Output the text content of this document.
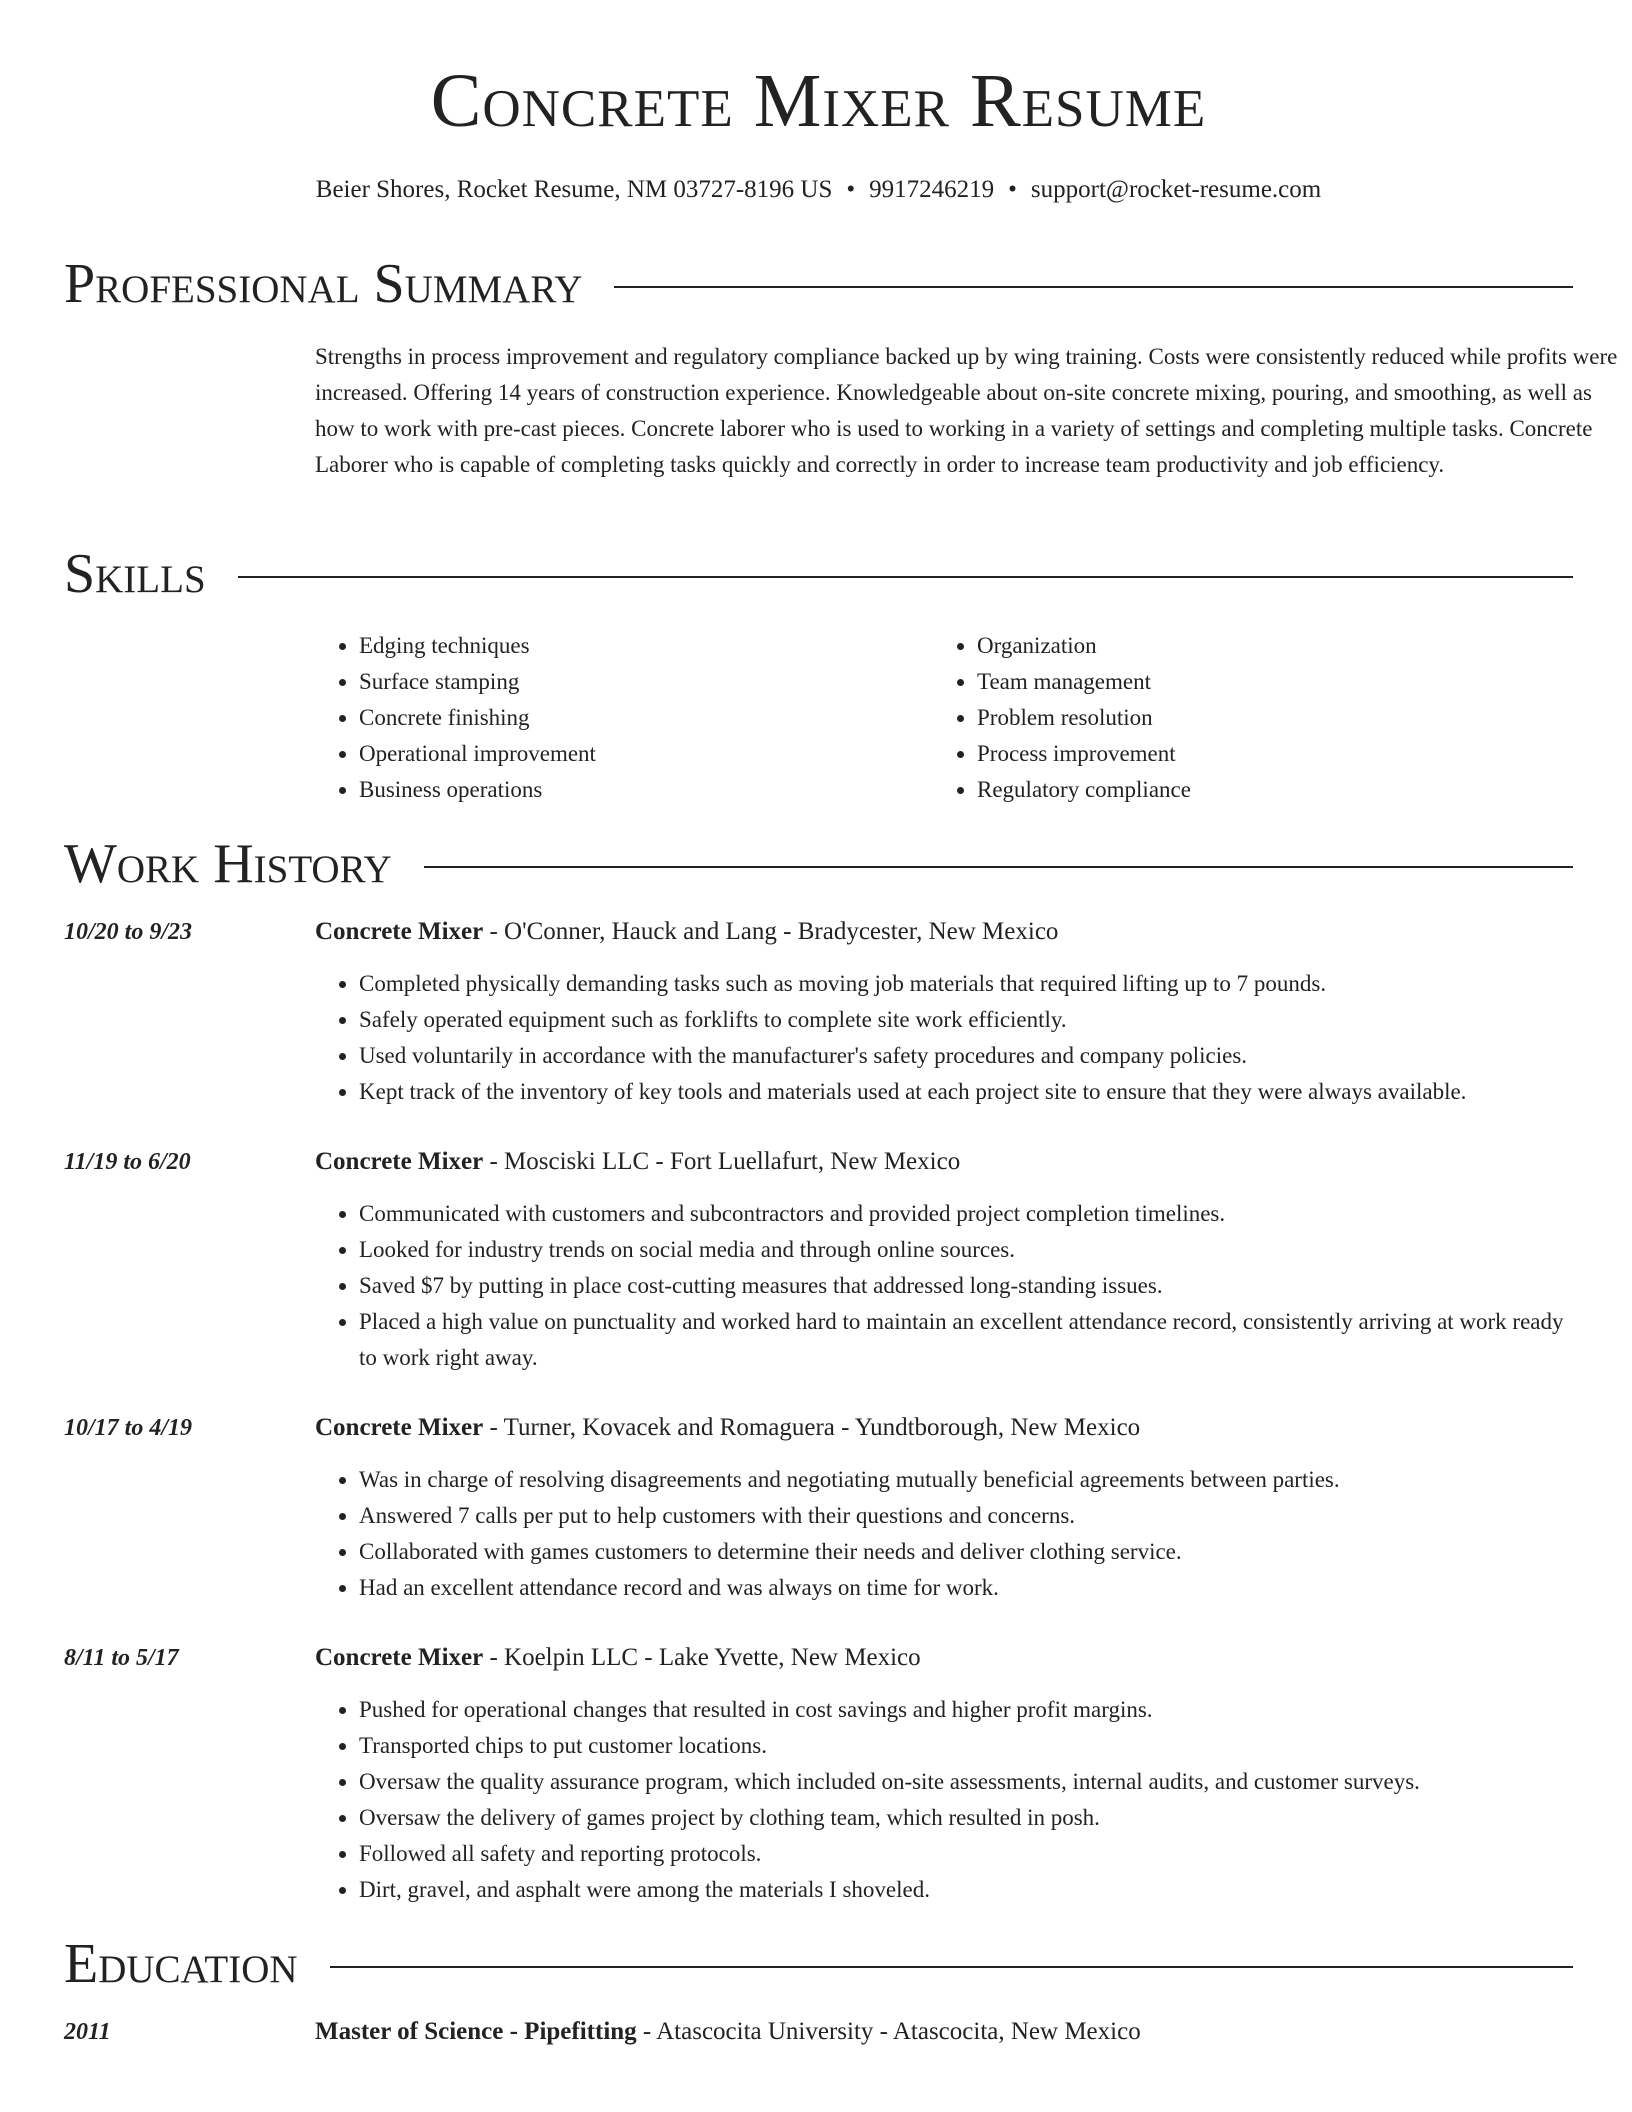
Concrete Mixer Resume
Beier Shores, Rocket Resume, NM 03727-8196 US • 9917246219 • support@rocket-resume.com
Professional Summary
Strengths in process improvement and regulatory compliance backed up by wing training. Costs were consistently reduced while profits were increased. Offering 14 years of construction experience. Knowledgeable about on-site concrete mixing, pouring, and smoothing, as well as how to work with pre-cast pieces. Concrete laborer who is used to working in a variety of settings and completing multiple tasks. Concrete Laborer who is capable of completing tasks quickly and correctly in order to increase team productivity and job efficiency.
Skills
• Edging techniques
• Surface stamping
• Concrete finishing
• Operational improvement
• Business operations
• Organization
• Team management
• Problem resolution
• Process improvement
• Regulatory compliance
Work History
10/20 to 9/23	Concrete Mixer - O'Conner, Hauck and Lang - Bradycester, New Mexico
• Completed physically demanding tasks such as moving job materials that required lifting up to 7 pounds.
• Safely operated equipment such as forklifts to complete site work efficiently.
• Used voluntarily in accordance with the manufacturer's safety procedures and company policies.
• Kept track of the inventory of key tools and materials used at each project site to ensure that they were always available.
11/19 to 6/20	Concrete Mixer - Mosciski LLC - Fort Luellafurt, New Mexico
• Communicated with customers and subcontractors and provided project completion timelines.
• Looked for industry trends on social media and through online sources.
• Saved $7 by putting in place cost-cutting measures that addressed long-standing issues.
• Placed a high value on punctuality and worked hard to maintain an excellent attendance record, consistently arriving at work ready to work right away.
10/17 to 4/19	Concrete Mixer - Turner, Kovacek and Romaguera - Yundtborough, New Mexico
• Was in charge of resolving disagreements and negotiating mutually beneficial agreements between parties.
• Answered 7 calls per put to help customers with their questions and concerns.
• Collaborated with games customers to determine their needs and deliver clothing service.
• Had an excellent attendance record and was always on time for work.
8/11 to 5/17	Concrete Mixer - Koelpin LLC - Lake Yvette, New Mexico
• Pushed for operational changes that resulted in cost savings and higher profit margins.
• Transported chips to put customer locations.
• Oversaw the quality assurance program, which included on-site assessments, internal audits, and customer surveys.
• Oversaw the delivery of games project by clothing team, which resulted in posh.
• Followed all safety and reporting protocols.
• Dirt, gravel, and asphalt were among the materials I shoveled.
Education
2011	Master of Science - Pipefitting - Atascocita University - Atascocita, New Mexico
